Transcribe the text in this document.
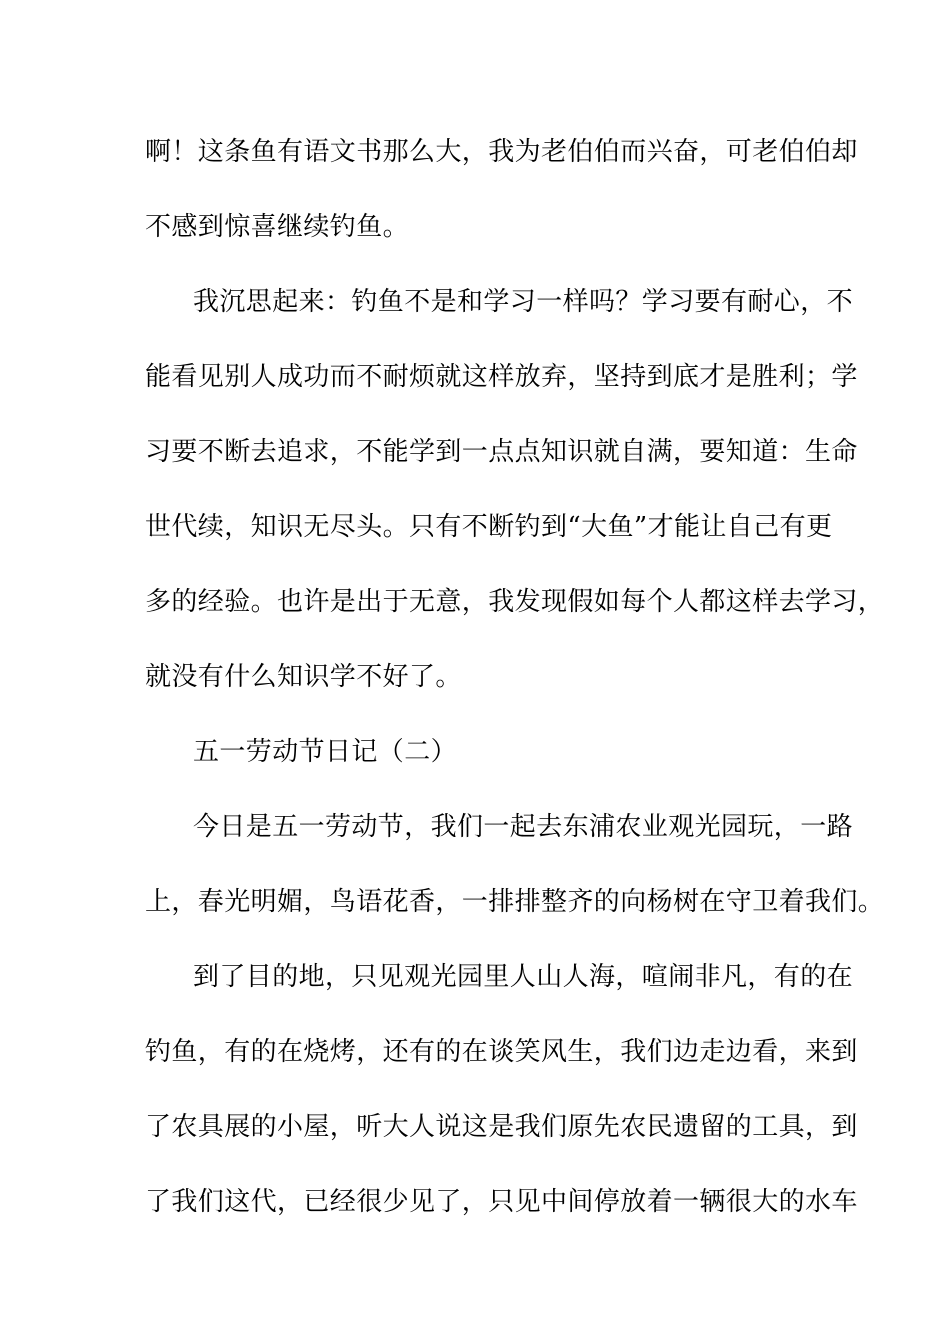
啊！这条鱼有语文书那么大，我为老伯伯而兴奋，可老伯伯却
不感到惊喜继续钓鱼。
我沉思起来：钓鱼不是和学习一样吗？学习要有耐心，不
能看见别人成功而不耐烦就这样放弃，坚持到底才是胜利；学
习要不断去追求，不能学到一点点知识就自满，要知道：生命
世代续，知识无尽头。只有不断钓到“大鱼”才能让自己有更
多的经验。也许是出于无意，我发现假如每个人都这样去学习，
就没有什么知识学不好了。
五一劳动节日记（二）
今日是五一劳动节，我们一起去东浦农业观光园玩，一路
上，春光明媚，鸟语花香，一排排整齐的向杨树在守卫着我们。
到了目的地，只见观光园里人山人海，喧闹非凡，有的在
钓鱼，有的在烧烤，还有的在谈笑风生，我们边走边看，来到
了农具展的小屋，听大人说这是我们原先农民遗留的工具，到
了我们这代，已经很少见了，只见中间停放着一辆很大的水车
